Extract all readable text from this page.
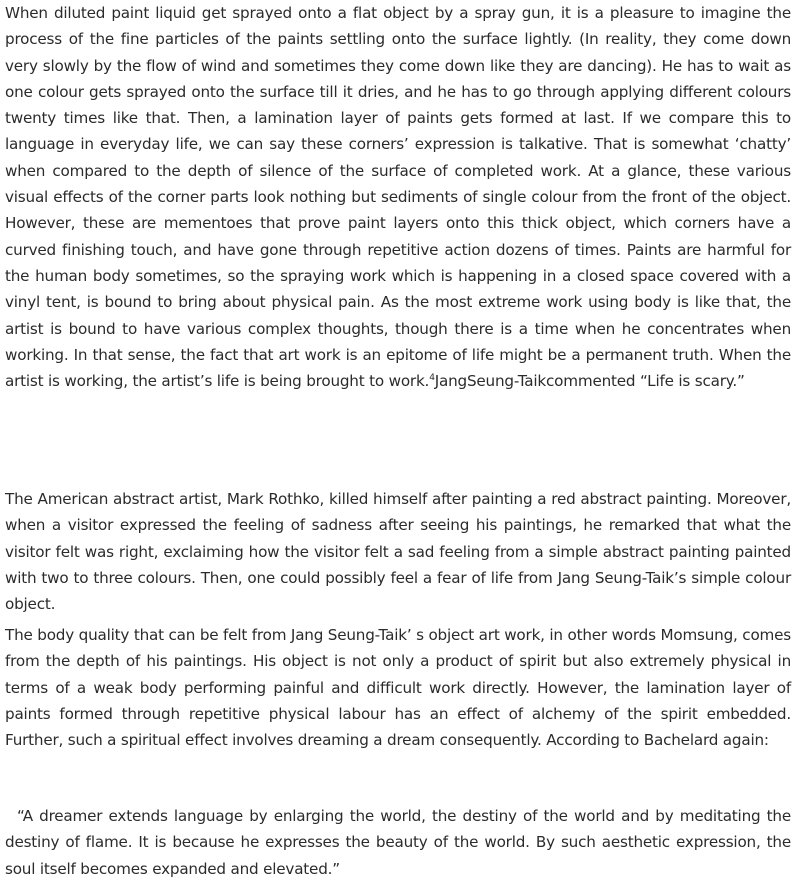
When diluted paint liquid get sprayed onto a flat object by a spray gun, it is a pleasure to imagine the process of the fine particles of the paints settling onto the surface lightly. (In reality, they come down very slowly by the flow of wind and sometimes they come down like they are dancing). He has to wait as one colour gets sprayed onto the surface till it dries, and he has to go through applying different colours twenty times like that. Then, a lamination layer of paints gets formed at last. If we compare this to language in everyday life, we can say these corners’ expression is talkative. That is somewhat ‘chatty’ when compared to the depth of silence of the surface of completed work. At a glance, these various visual effects of the corner parts look nothing but sediments of single colour from the front of the object. However, these are mementoes that prove paint layers onto this thick object, which corners have a curved finishing touch, and have gone through repetitive action dozens of times. Paints are harmful for the human body sometimes, so the spraying work which is happening in a closed space covered with a vinyl tent, is bound to bring about physical pain. As the most extreme work using body is like that, the artist is bound to have various complex thoughts, though there is a time when he concentrates when working. In that sense, the fact that art work is an epitome of life might be a permanent truth. When the artist is working, the artist’s life is being brought to work.$^4$JangSeung-Taikcommented “Life is scary.”

The American abstract artist, Mark Rothko, killed himself after painting a red abstract painting. Moreover, when a visitor expressed the feeling of sadness after seeing his paintings, he remarked that what the visitor felt was right, exclaiming how the visitor felt a sad feeling from a simple abstract painting painted with two to three colours. Then, one could possibly feel a fear of life from Jang Seung-Taik’s simple colour object.

The body quality that can be felt from Jang Seung-Taik’ s object art work, in other words Momsung, comes from the depth of his paintings. His object is not only a product of spirit but also extremely physical in terms of a weak body performing painful and difficult work directly. However, the lamination layer of paints formed through repetitive physical labour has an effect of alchemy of the spirit embedded. Further, such a spiritual effect involves dreaming a dream consequently. According to Bachelard again:

“A dreamer extends language by enlarging the world, the destiny of the world and by meditating the destiny of flame. It is because he expresses the beauty of the world. By such aesthetic expression, the soul itself becomes expanded and elevated.”
